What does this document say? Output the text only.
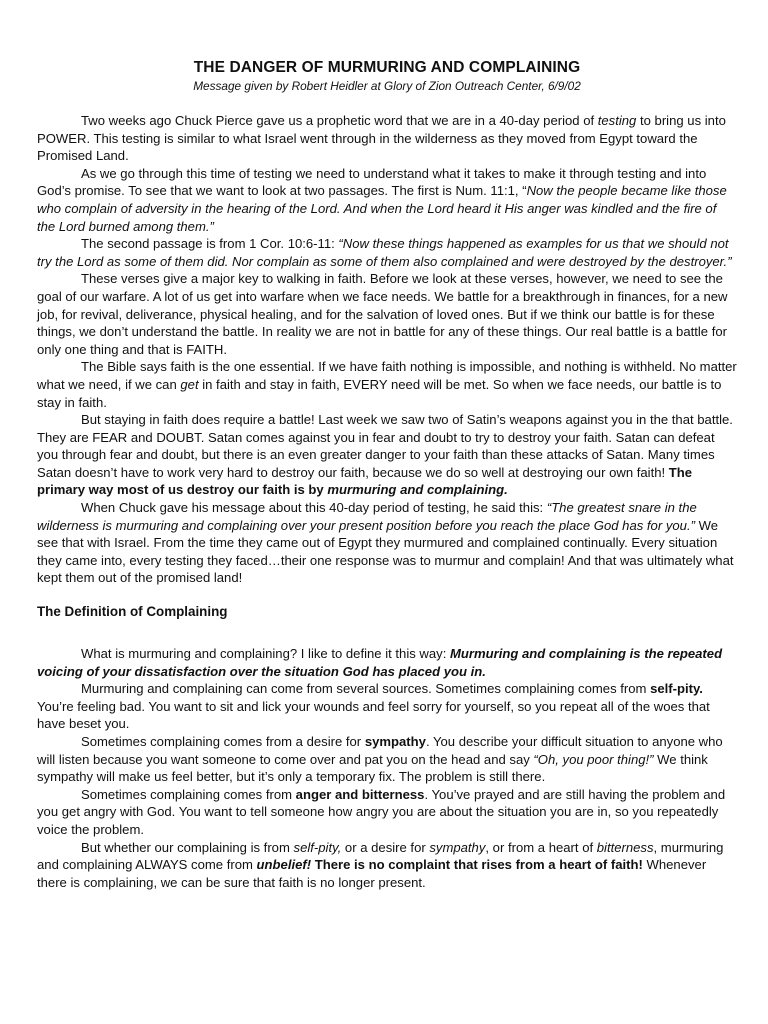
THE DANGER OF MURMURING AND COMPLAINING
Message given by Robert Heidler at Glory of Zion Outreach Center, 6/9/02

Two weeks ago Chuck Pierce gave us a prophetic word that we are in a 40-day period of testing to bring us into POWER. This testing is similar to what Israel went through in the wilderness as they moved from Egypt toward the Promised Land.

As we go through this time of testing we need to understand what it takes to make it through testing and into God’s promise. To see that we want to look at two passages. The first is Num. 11:1, “Now the people became like those who complain of adversity in the hearing of the Lord. And when the Lord heard it His anger was kindled and the fire of the Lord burned among them.”

The second passage is from 1 Cor. 10:6-11: “Now these things happened as examples for us that we should not try the Lord as some of them did. Nor complain as some of them also complained and were destroyed by the destroyer.”

These verses give a major key to walking in faith. Before we look at these verses, however, we need to see the goal of our warfare. A lot of us get into warfare when we face needs. We battle for a breakthrough in finances, for a new job, for revival, deliverance, physical healing, and for the salvation of loved ones. But if we think our battle is for these things, we don’t understand the battle. In reality we are not in battle for any of these things. Our real battle is a battle for only one thing and that is FAITH.

The Bible says faith is the one essential. If we have faith nothing is impossible, and nothing is withheld. No matter what we need, if we can get in faith and stay in faith, EVERY need will be met. So when we face needs, our battle is to stay in faith.

But staying in faith does require a battle! Last week we saw two of Satin’s weapons against you in the that battle. They are FEAR and DOUBT. Satan comes against you in fear and doubt to try to destroy your faith. Satan can defeat you through fear and doubt, but there is an even greater danger to your faith than these attacks of Satan. Many times Satan doesn’t have to work very hard to destroy our faith, because we do so well at destroying our own faith! The primary way most of us destroy our faith is by murmuring and complaining.

When Chuck gave his message about this 40-day period of testing, he said this: “The greatest snare in the wilderness is murmuring and complaining over your present position before you reach the place God has for you.” We see that with Israel. From the time they came out of Egypt they murmured and complained continually. Every situation they came into, every testing they faced…their one response was to murmur and complain! And that was ultimately what kept them out of the promised land!

The Definition of Complaining

What is murmuring and complaining? I like to define it this way: Murmuring and complaining is the repeated voicing of your dissatisfaction over the situation God has placed you in.

Murmuring and complaining can come from several sources. Sometimes complaining comes from self-pity. You’re feeling bad. You want to sit and lick your wounds and feel sorry for yourself, so you repeat all of the woes that have beset you.

Sometimes complaining comes from a desire for sympathy. You describe your difficult situation to anyone who will listen because you want someone to come over and pat you on the head and say “Oh, you poor thing!” We think sympathy will make us feel better, but it’s only a temporary fix. The problem is still there.

Sometimes complaining comes from anger and bitterness. You’ve prayed and are still having the problem and you get angry with God. You want to tell someone how angry you are about the situation you are in, so you repeatedly voice the problem.

But whether our complaining is from self-pity, or a desire for sympathy, or from a heart of bitterness, murmuring and complaining ALWAYS come from unbelief! There is no complaint that rises from a heart of faith! Whenever there is complaining, we can be sure that faith is no longer present.
